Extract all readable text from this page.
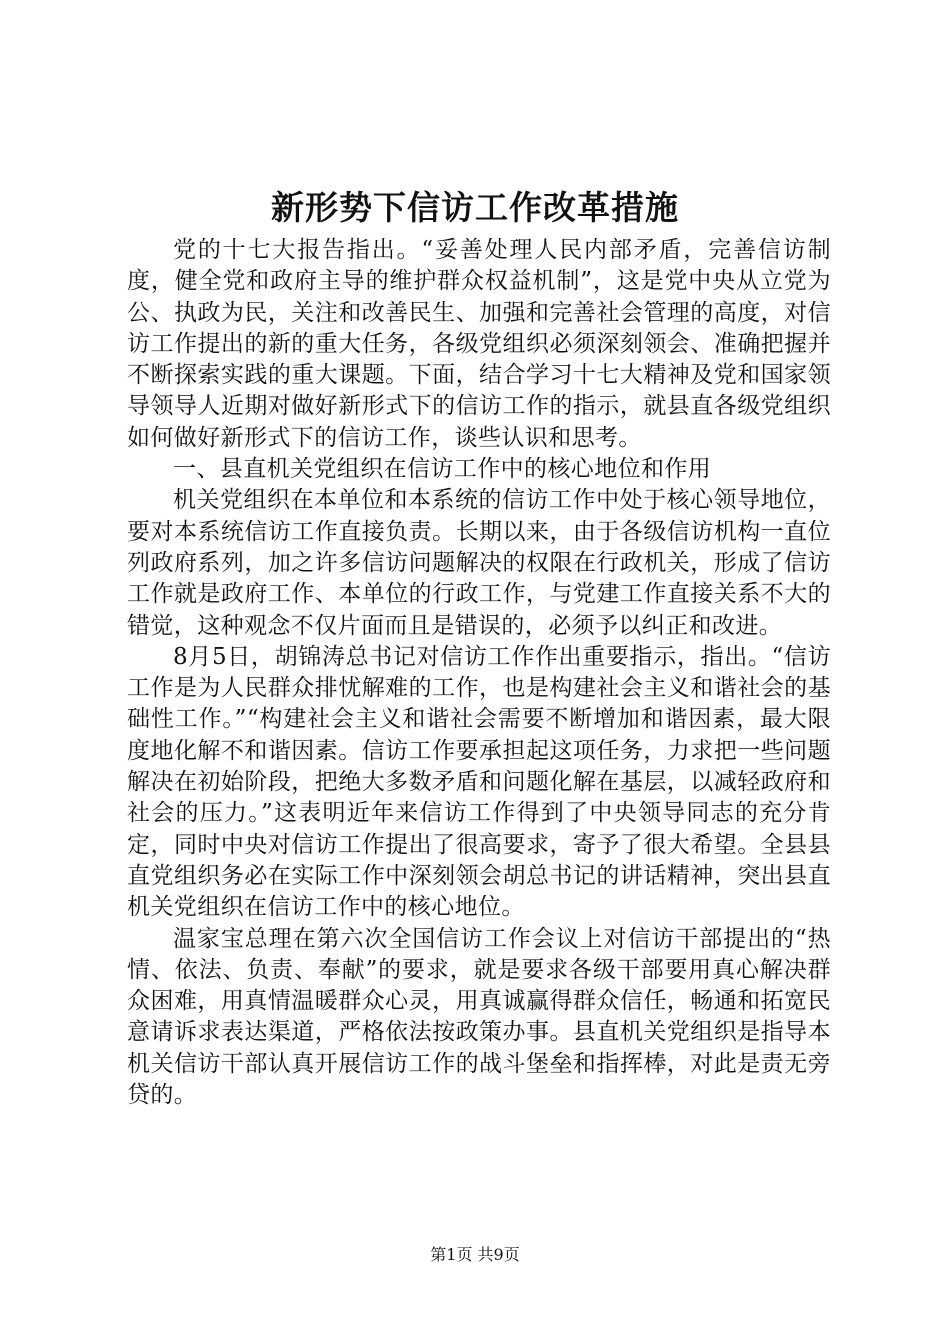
新形势下信访工作改革措施

党的十七大报告指出。“妥善处理人民内部矛盾，完善信访制度，健全党和政府主导的维护群众权益机制”，这是党中央从立党为公、执政为民，关注和改善民生、加强和完善社会管理的高度，对信访工作提出的新的重大任务，各级党组织必须深刻领会、准确把握并不断探索实践的重大课题。下面，结合学习十七大精神及党和国家领导领导人近期对做好新形式下的信访工作的指示，就县直各级党组织如何做好新形式下的信访工作，谈些认识和思考。

一、县直机关党组织在信访工作中的核心地位和作用

机关党组织在本单位和本系统的信访工作中处于核心领导地位，要对本系统信访工作直接负责。长期以来，由于各级信访机构一直位列政府系列，加之许多信访问题解决的权限在行政机关，形成了信访工作就是政府工作、本单位的行政工作，与党建工作直接关系不大的错觉，这种观念不仅片面而且是错误的，必须予以纠正和改进。

8月5日，胡锦涛总书记对信访工作作出重要指示，指出。“信访工作是为人民群众排忧解难的工作，也是构建社会主义和谐社会的基础性工作。”“构建社会主义和谐社会需要不断增加和谐因素，最大限度地化解不和谐因素。信访工作要承担起这项任务，力求把一些问题解决在初始阶段，把绝大多数矛盾和问题化解在基层，以减轻政府和社会的压力。”这表明近年来信访工作得到了中央领导同志的充分肯定，同时中央对信访工作提出了很高要求，寄予了很大希望。全县县直党组织务必在实际工作中深刻领会胡总书记的讲话精神，突出县直机关党组织在信访工作中的核心地位。

温家宝总理在第六次全国信访工作会议上对信访干部提出的“热情、依法、负责、奉献”的要求，就是要求各级干部要用真心解决群众困难，用真情温暖群众心灵，用真诚赢得群众信任，畅通和拓宽民意请诉求表达渠道，严格依法按政策办事。县直机关党组织是指导本机关信访干部认真开展信访工作的战斗堡垒和指挥棒，对此是责无旁贷的。

第1页 共9页
